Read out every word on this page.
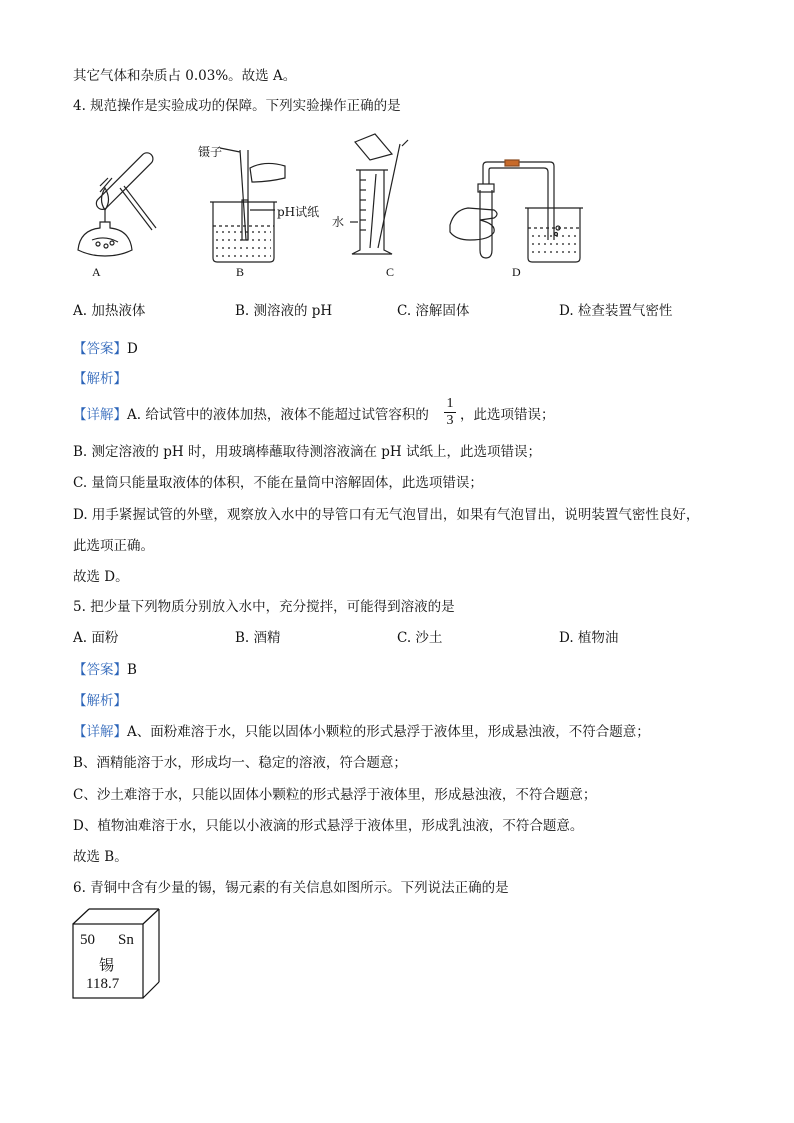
其它气体和杂质占 0.03%。故选 A。
4. 规范操作是实验成功的保障。下列实验操作正确的是
镊子
pH试纸
水
A	B	C	D
A. 加热液体	B. 测溶液的 pH	C. 溶解固体	D. 检查装置气密性
【答案】D
【解析】
【详解】A. 给试管中的液体加热，液体不能超过试管容积的
1
3 ，此选项错误；
B. 测定溶液的 pH 时，用玻璃棒蘸取待测溶液滴在 pH 试纸上，此选项错误；
C. 量筒只能量取液体的体积，不能在量筒中溶解固体，此选项错误；
D. 用手紧握试管的外壁，观察放入水中的导管口有无气泡冒出，如果有气泡冒出，说明装置气密性良好，
此选项正确。
故选 D。
5. 把少量下列物质分别放入水中，充分搅拌，可能得到溶液的是
A. 面粉	B. 酒精	C. 沙土	D. 植物油
【答案】B
【解析】
【详解】A、面粉难溶于水，只能以固体小颗粒的形式悬浮于液体里，形成悬浊液，不符合题意；
B、酒精能溶于水，形成均一、稳定的溶液，符合题意；
C、沙土难溶于水，只能以固体小颗粒的形式悬浮于液体里，形成悬浊液，不符合题意；
D、植物油难溶于水，只能以小液滴的形式悬浮于液体里，形成乳浊液，不符合题意。
故选 B。
6. 青铜中含有少量的锡，锡元素的有关信息如图所示。下列说法正确的是
50 Sn
锡
118.7
